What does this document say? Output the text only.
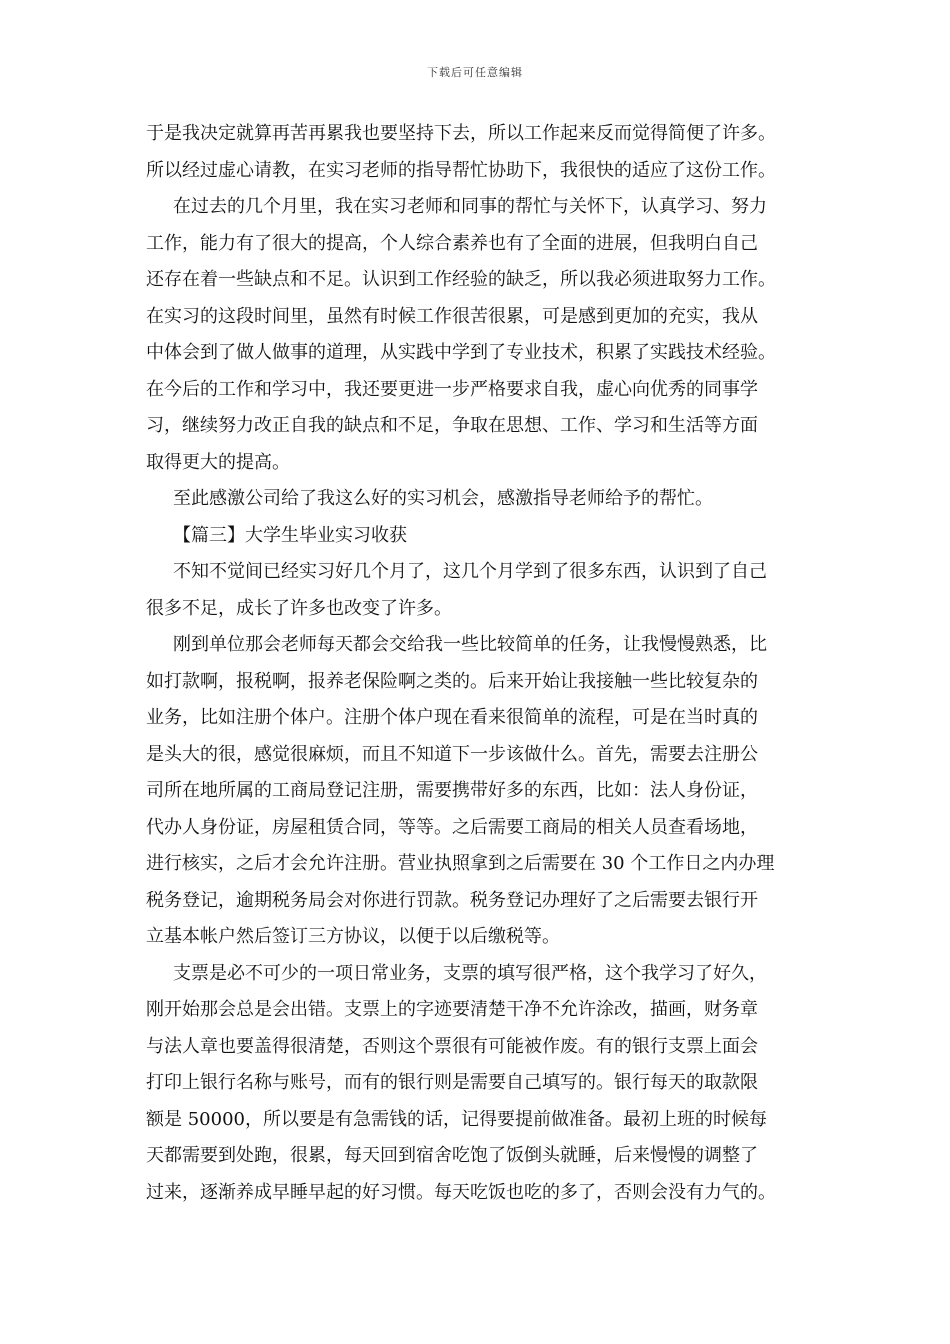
下载后可任意编辑
于是我决定就算再苦再累我也要坚持下去，所以工作起来反而觉得简便了许多。
所以经过虚心请教，在实习老师的指导帮忙协助下，我很快的适应了这份工作。
在过去的几个月里，我在实习老师和同事的帮忙与关怀下，认真学习、努力
工作，能力有了很大的提高，个人综合素养也有了全面的进展，但我明白自己
还存在着一些缺点和不足。认识到工作经验的缺乏，所以我必须进取努力工作。
在实习的这段时间里，虽然有时候工作很苦很累，可是感到更加的充实，我从
中体会到了做人做事的道理，从实践中学到了专业技术，积累了实践技术经验。
在今后的工作和学习中，我还要更进一步严格要求自我，虚心向优秀的同事学
习，继续努力改正自我的缺点和不足，争取在思想、工作、学习和生活等方面
取得更大的提高。
至此感激公司给了我这么好的实习机会，感激指导老师给予的帮忙。
【篇三】大学生毕业实习收获
不知不觉间已经实习好几个月了，这几个月学到了很多东西，认识到了自己
很多不足，成长了许多也改变了许多。
刚到单位那会老师每天都会交给我一些比较简单的任务，让我慢慢熟悉，比
如打款啊，报税啊，报养老保险啊之类的。后来开始让我接触一些比较复杂的
业务，比如注册个体户。注册个体户现在看来很简单的流程，可是在当时真的
是头大的很，感觉很麻烦，而且不知道下一步该做什么。首先，需要去注册公
司所在地所属的工商局登记注册，需要携带好多的东西，比如：法人身份证，
代办人身份证，房屋租赁合同，等等。之后需要工商局的相关人员查看场地，
进行核实，之后才会允许注册。营业执照拿到之后需要在 30 个工作日之内办理
税务登记，逾期税务局会对你进行罚款。税务登记办理好了之后需要去银行开
立基本帐户然后签订三方协议，以便于以后缴税等。
支票是必不可少的一项日常业务，支票的填写很严格，这个我学习了好久，
刚开始那会总是会出错。支票上的字迹要清楚干净不允许涂改，描画，财务章
与法人章也要盖得很清楚，否则这个票很有可能被作废。有的银行支票上面会
打印上银行名称与账号，而有的银行则是需要自己填写的。银行每天的取款限
额是 50000，所以要是有急需钱的话，记得要提前做准备。最初上班的时候每
天都需要到处跑，很累，每天回到宿舍吃饱了饭倒头就睡，后来慢慢的调整了
过来，逐渐养成早睡早起的好习惯。每天吃饭也吃的多了，否则会没有力气的。
